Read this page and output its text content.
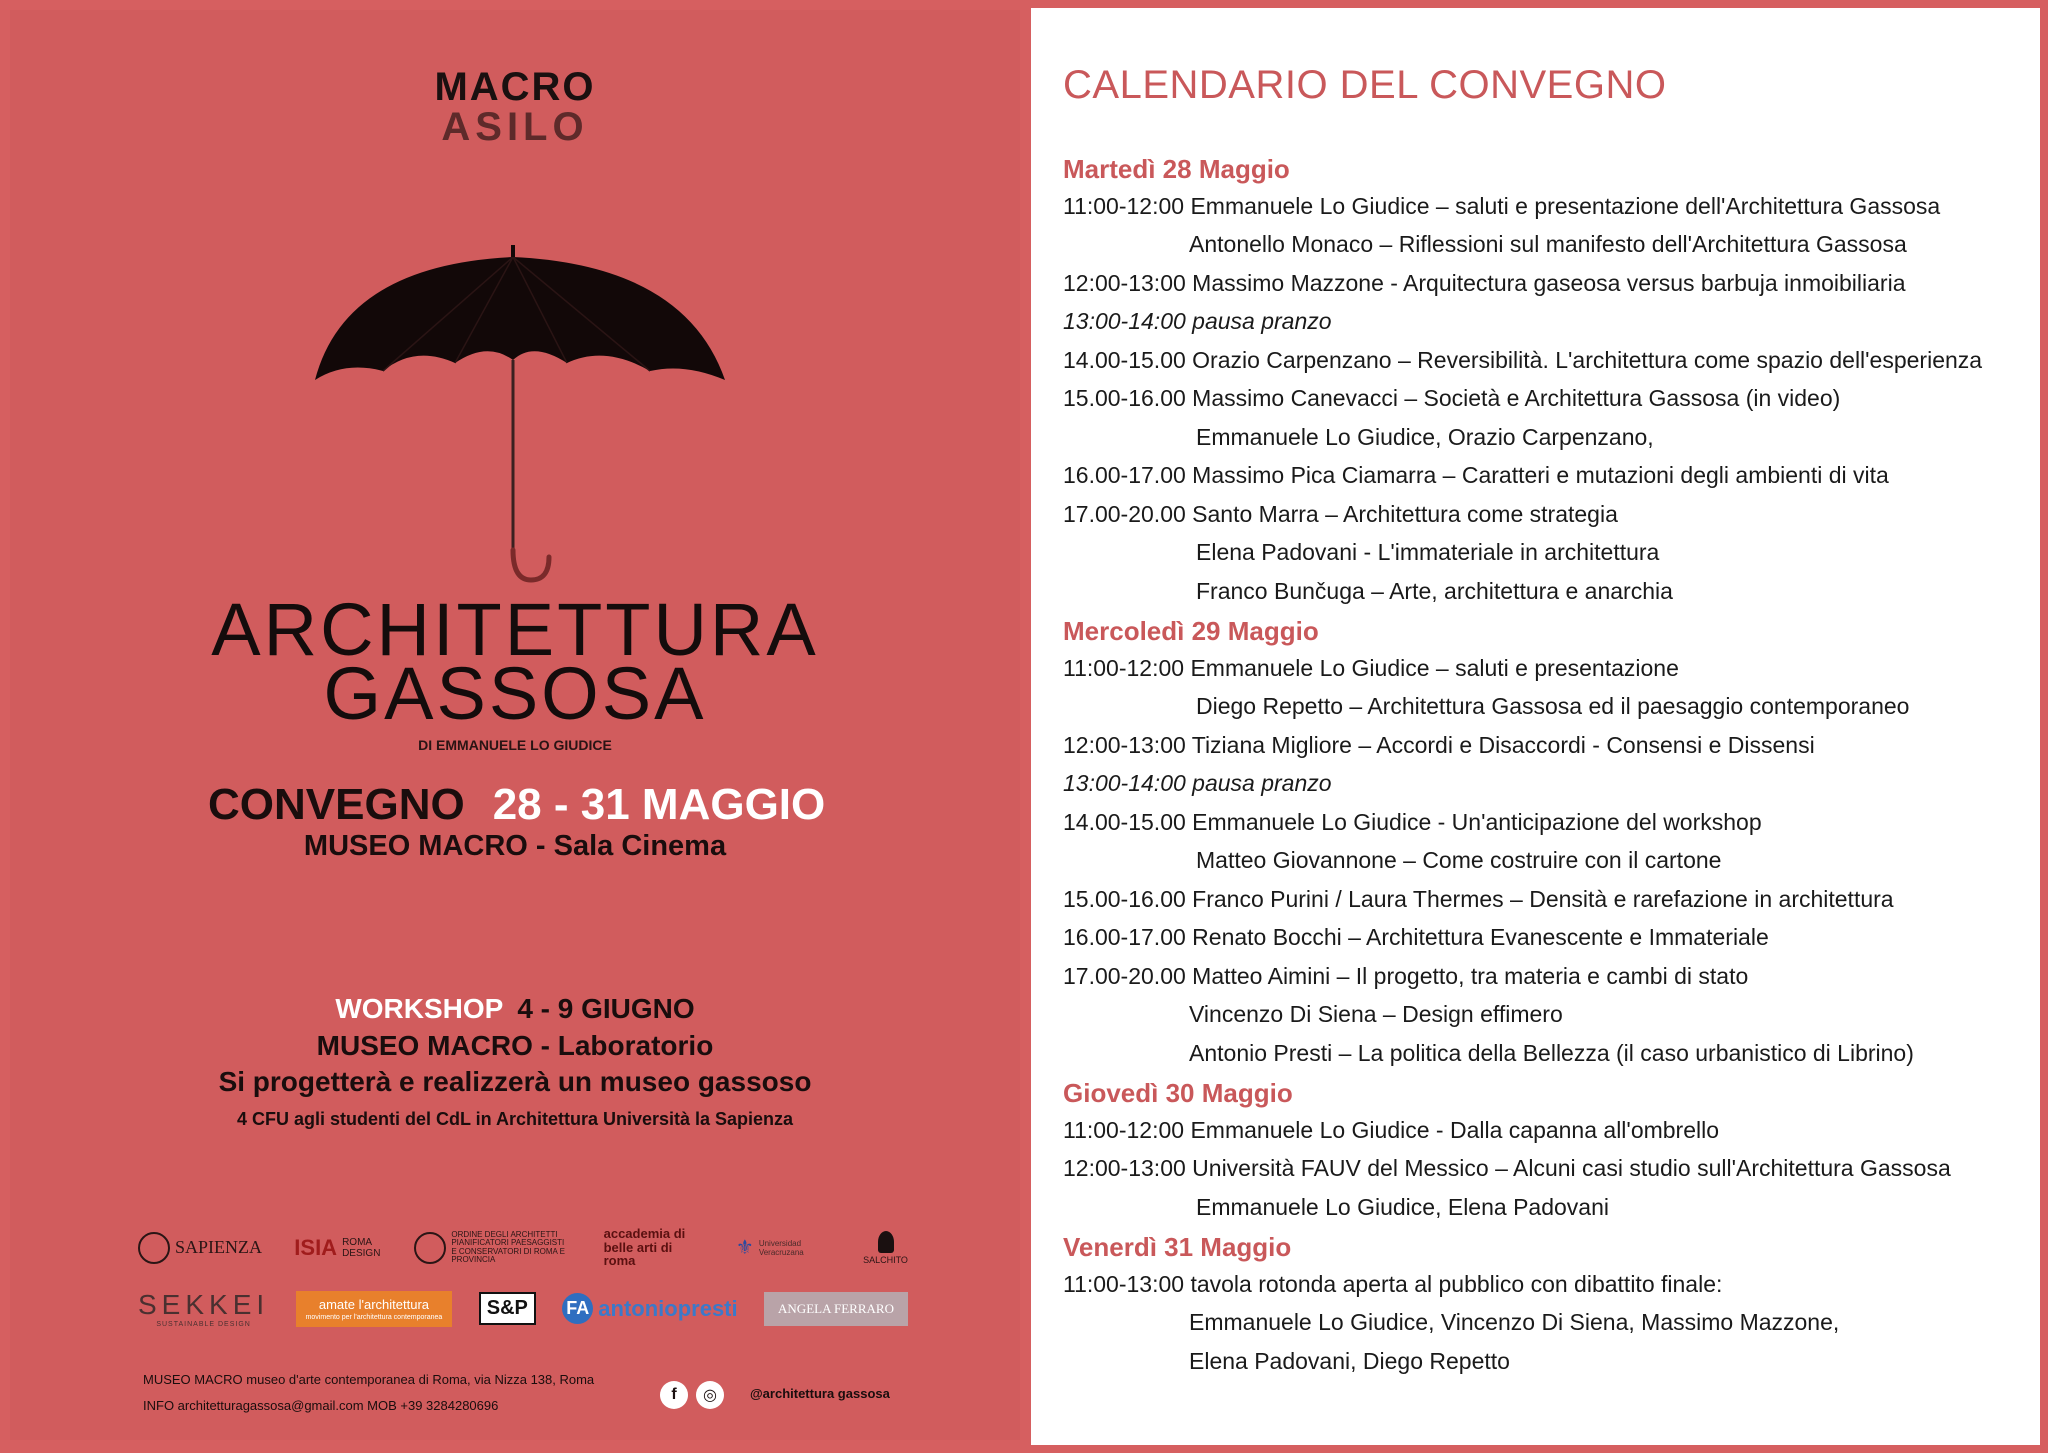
MACRO
ASILO
ARCHITETTURA
GASSOSA
DI EMMANUELE LO GIUDICE
CONVEGNO 28 - 31 MAGGIO
MUSEO MACRO - Sala Cinema
WORKSHOP 4 - 9 GIUGNO
MUSEO MACRO - Laboratorio
Si progetterà e realizzerà un museo gassoso
4 CFU agli studenti del CdL in Architettura Università la Sapienza
SAPIENZA ISIA ROMA DESIGN
ORDINE DEGLI ARCHITETTI PIANIFICATORI PAESAGGISTI E CONSERVATORI DI ROMA E PROVINCIA
accademia di belle arti di roma
⚜ Universidad Veracruzana
SALCHITO
SEKKEI
SUSTAINABLE DESIGN
amate l'architettura
movimento per l'architettura contemporanea	S&P	FA antoniopresti	ANGELA FERRARO
MUSEO MACRO museo d'arte contemporanea di Roma, via Nizza 138, Roma
INFO architetturagassosa@gmail.com MOB +39 3284280696
f	◎	@architettura gassosa
CALENDARIO DEL CONVEGNO
Martedì 28 Maggio
11:00-12:00 Emmanuele Lo Giudice – saluti e presentazione dell'Architettura Gassosa
Antonello Monaco – Riflessioni sul manifesto dell'Architettura Gassosa
12:00-13:00 Massimo Mazzone - Arquitectura gaseosa versus barbuja inmoibiliaria
13:00-14:00 pausa pranzo
14.00-15.00 Orazio Carpenzano – Reversibilità. L'architettura come spazio dell'esperienza
15.00-16.00 Massimo Canevacci – Società e Architettura Gassosa (in video)
Emmanuele Lo Giudice, Orazio Carpenzano,
16.00-17.00 Massimo Pica Ciamarra – Caratteri e mutazioni degli ambienti di vita
17.00-20.00 Santo Marra – Architettura come strategia
Elena Padovani - L'immateriale in architettura
Franco Bunčuga – Arte, architettura e anarchia
Mercoledì 29 Maggio
11:00-12:00 Emmanuele Lo Giudice – saluti e presentazione
Diego Repetto – Architettura Gassosa ed il paesaggio contemporaneo
12:00-13:00 Tiziana Migliore – Accordi e Disaccordi - Consensi e Dissensi
13:00-14:00 pausa pranzo
14.00-15.00 Emmanuele Lo Giudice - Un'anticipazione del workshop
Matteo Giovannone – Come costruire con il cartone
15.00-16.00 Franco Purini / Laura Thermes – Densità e rarefazione in architettura
16.00-17.00 Renato Bocchi – Architettura Evanescente e Immateriale
17.00-20.00 Matteo Aimini – Il progetto, tra materia e cambi di stato
Vincenzo Di Siena – Design effimero
Antonio Presti – La politica della Bellezza (il caso urbanistico di Librino)
Giovedì 30 Maggio
11:00-12:00 Emmanuele Lo Giudice - Dalla capanna all'ombrello
12:00-13:00 Università FAUV del Messico – Alcuni casi studio sull'Architettura Gassosa
Emmanuele Lo Giudice, Elena Padovani
Venerdì 31 Maggio
11:00-13:00 tavola rotonda aperta al pubblico con dibattito finale:
Emmanuele Lo Giudice, Vincenzo Di Siena, Massimo Mazzone,
Elena Padovani, Diego Repetto
